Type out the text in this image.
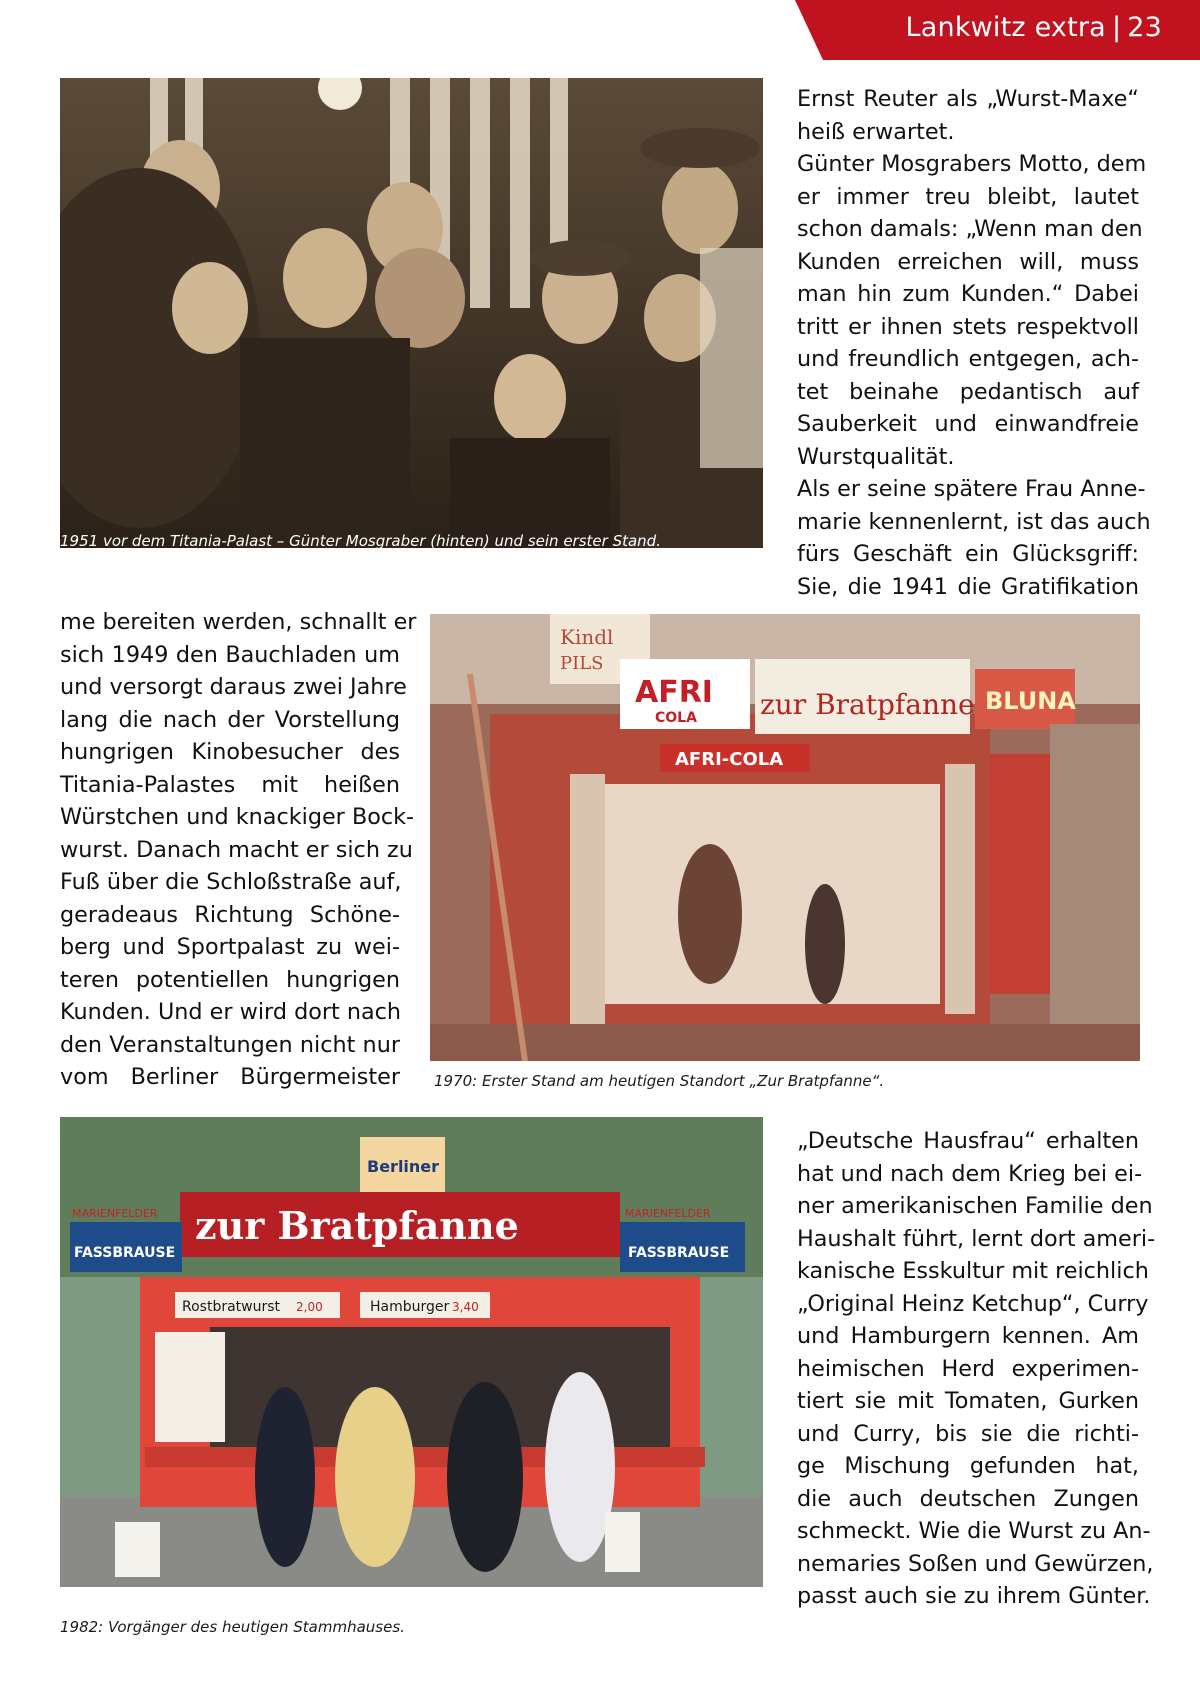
Lankwitz extra | 23
1951 vor dem Titania-Palast – Günter Mosgraber (hinten) und sein erster Stand.
Ernst Reuter als „Wurst-Maxe“
heiß erwartet.
Günter Mosgrabers Motto, dem
er immer treu bleibt, lautet
schon damals: „Wenn man den
Kunden erreichen will, muss
man hin zum Kunden.“ Dabei
tritt er ihnen stets respektvoll
und freundlich entgegen, ach-
tet beinahe pedantisch auf
Sauberkeit und einwandfreie
Wurstqualität.
Als er seine spätere Frau Anne-
marie kennenlernt, ist das auch
fürs Geschäft ein Glücksgriff:
Sie, die 1941 die Gratifikation
me bereiten werden, schnallt er
sich 1949 den Bauchladen um
und versorgt daraus zwei Jahre
lang die nach der Vorstellung
hungrigen Kinobesucher des
Titania-Palastes mit heißen
Würstchen und knackiger Bock-
wurst. Danach macht er sich zu
Fuß über die Schloßstraße auf,
geradeaus Richtung Schöne-
berg und Sportpalast zu wei-
teren potentiellen hungrigen
Kunden. Und er wird dort nach
den Veranstaltungen nicht nur
vom Berliner Bürgermeister
Kindl
PILS
AFRI
COLA zur Bratpfanne BLUNA
AFRI-COLA
1970: Erster Stand am heutigen Standort „Zur Bratpfanne“.
zur Bratpfanne
Berliner
MARIENFELDER
FASSBRAUSE
MARIENFELDER
FASSBRAUSE
Rostbratwurst 2,00	Hamburger 3,40
1982: Vorgänger des heutigen Stammhauses.
„Deutsche Hausfrau“ erhalten
hat und nach dem Krieg bei ei-
ner amerikanischen Familie den
Haushalt führt, lernt dort ameri-
kanische Esskultur mit reichlich
„Original Heinz Ketchup“, Curry
und Hamburgern kennen. Am
heimischen Herd experimen-
tiert sie mit Tomaten, Gurken
und Curry, bis sie die richti-
ge Mischung gefunden hat,
die auch deutschen Zungen
schmeckt. Wie die Wurst zu An-
nemaries Soßen und Gewürzen,
passt auch sie zu ihrem Günter.
